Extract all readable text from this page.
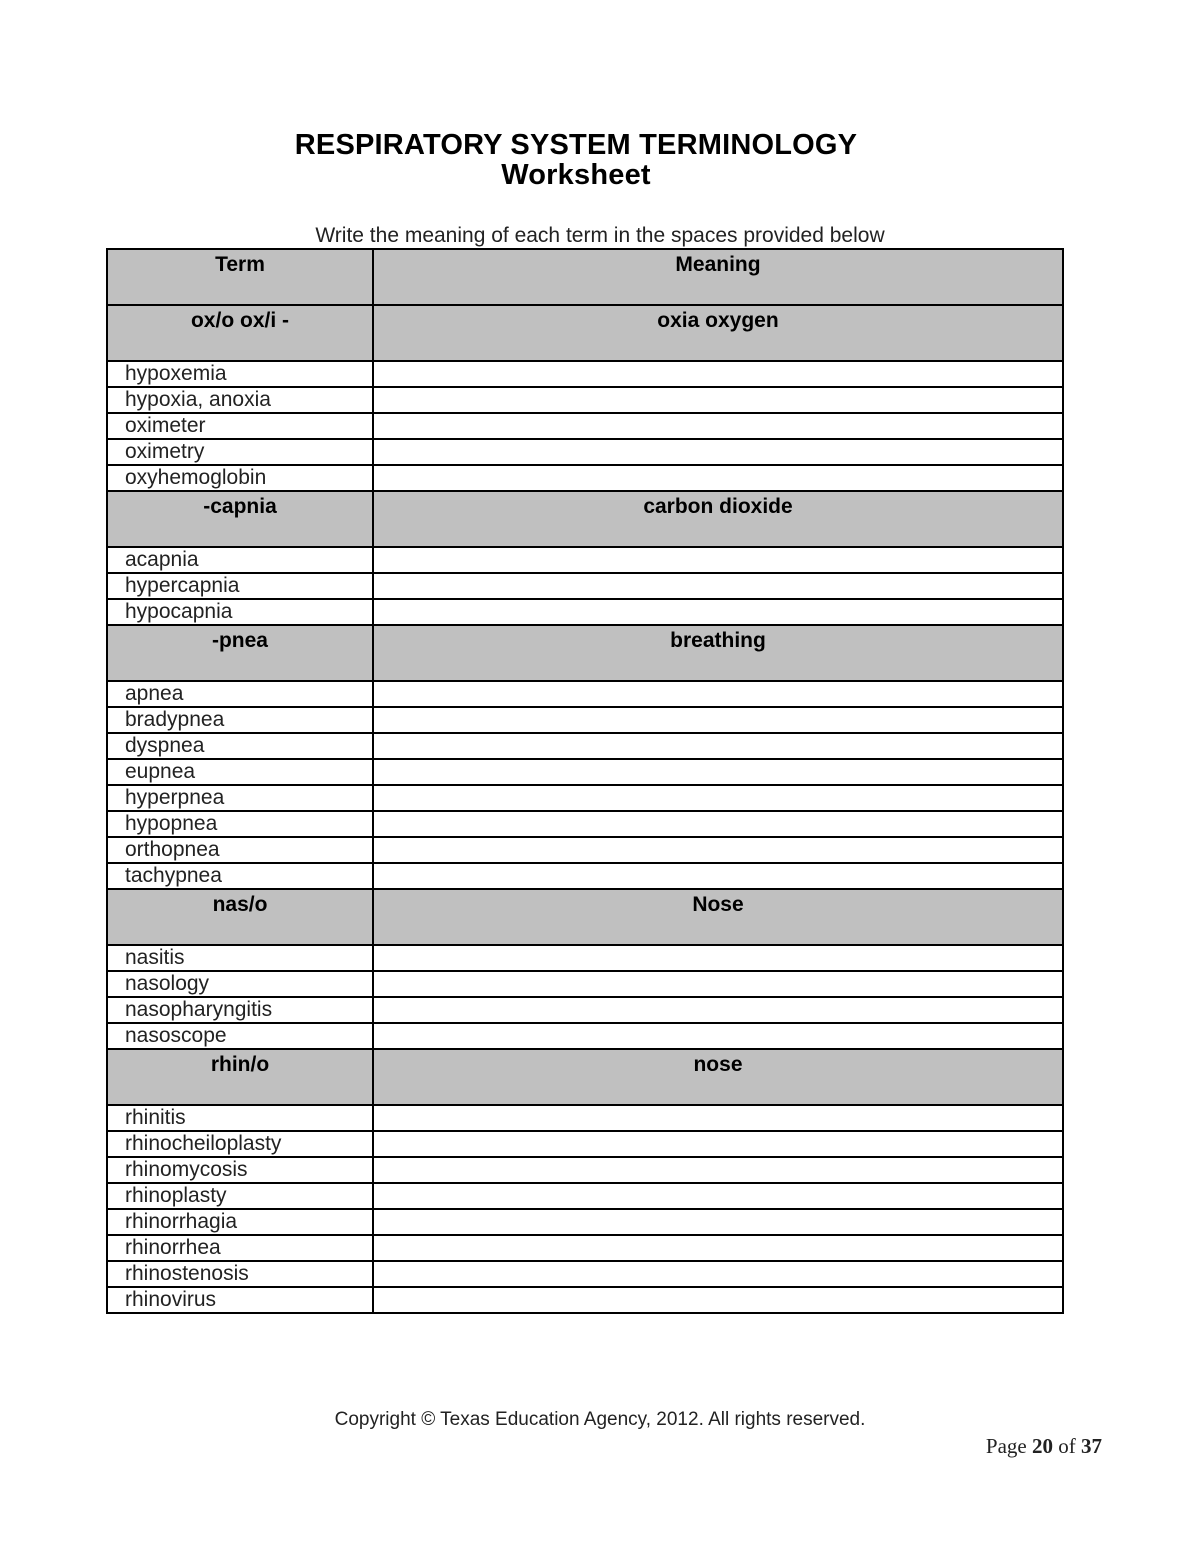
RESPIRATORY SYSTEM TERMINOLOGY
Worksheet
Write the meaning of each term in the spaces provided below
Term	Meaning
ox/o ox/i -	oxia oxygen
hypoxemia	
hypoxia, anoxia	
oximeter	
oximetry	
oxyhemoglobin	
-capnia	carbon dioxide
acapnia	
hypercapnia	
hypocapnia	
-pnea	breathing
apnea	
bradypnea	
dyspnea	
eupnea	
hyperpnea	
hypopnea	
orthopnea	
tachypnea	
nas/o	Nose
nasitis	
nasology	
nasopharyngitis	
nasoscope	
rhin/o	nose
rhinitis	
rhinocheiloplasty	
rhinomycosis	
rhinoplasty	
rhinorrhagia	
rhinorrhea	
rhinostenosis	
rhinovirus	
Copyright © Texas Education Agency, 2012. All rights reserved.
Page 20 of 37
